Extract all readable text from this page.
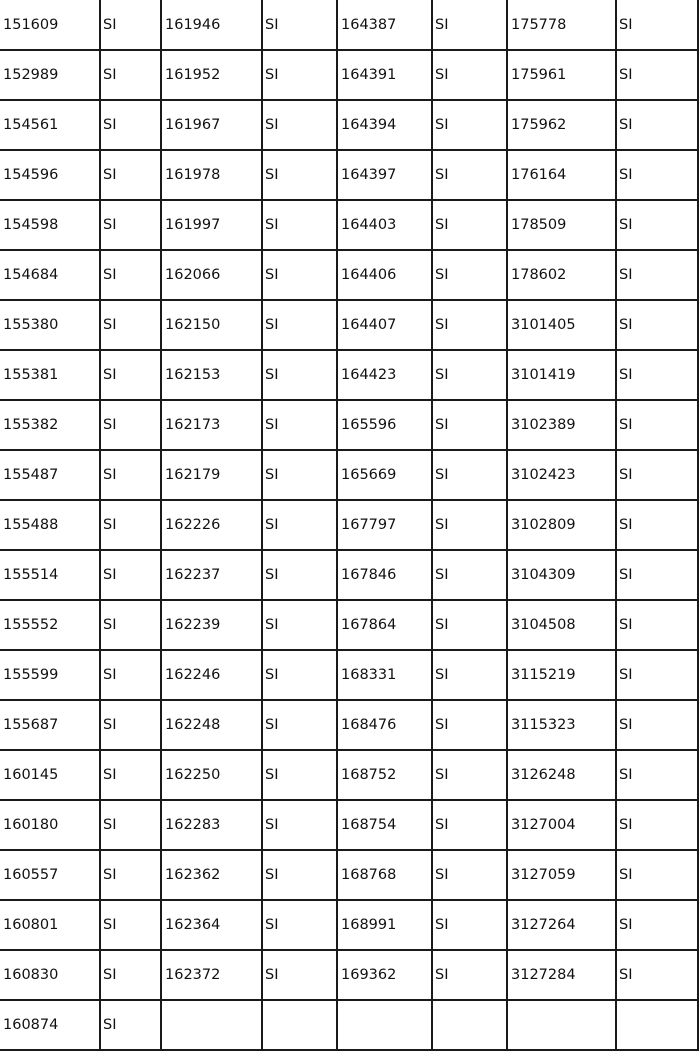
151609	SI	161946	SI	164387	SI	175778	SI
152989	SI	161952	SI	164391	SI	175961	SI
154561	SI	161967	SI	164394	SI	175962	SI
154596	SI	161978	SI	164397	SI	176164	SI
154598	SI	161997	SI	164403	SI	178509	SI
154684	SI	162066	SI	164406	SI	178602	SI
155380	SI	162150	SI	164407	SI	3101405	SI
155381	SI	162153	SI	164423	SI	3101419	SI
155382	SI	162173	SI	165596	SI	3102389	SI
155487	SI	162179	SI	165669	SI	3102423	SI
155488	SI	162226	SI	167797	SI	3102809	SI
155514	SI	162237	SI	167846	SI	3104309	SI
155552	SI	162239	SI	167864	SI	3104508	SI
155599	SI	162246	SI	168331	SI	3115219	SI
155687	SI	162248	SI	168476	SI	3115323	SI
160145	SI	162250	SI	168752	SI	3126248	SI
160180	SI	162283	SI	168754	SI	3127004	SI
160557	SI	162362	SI	168768	SI	3127059	SI
160801	SI	162364	SI	168991	SI	3127264	SI
160830	SI	162372	SI	169362	SI	3127284	SI
160874	SI						
